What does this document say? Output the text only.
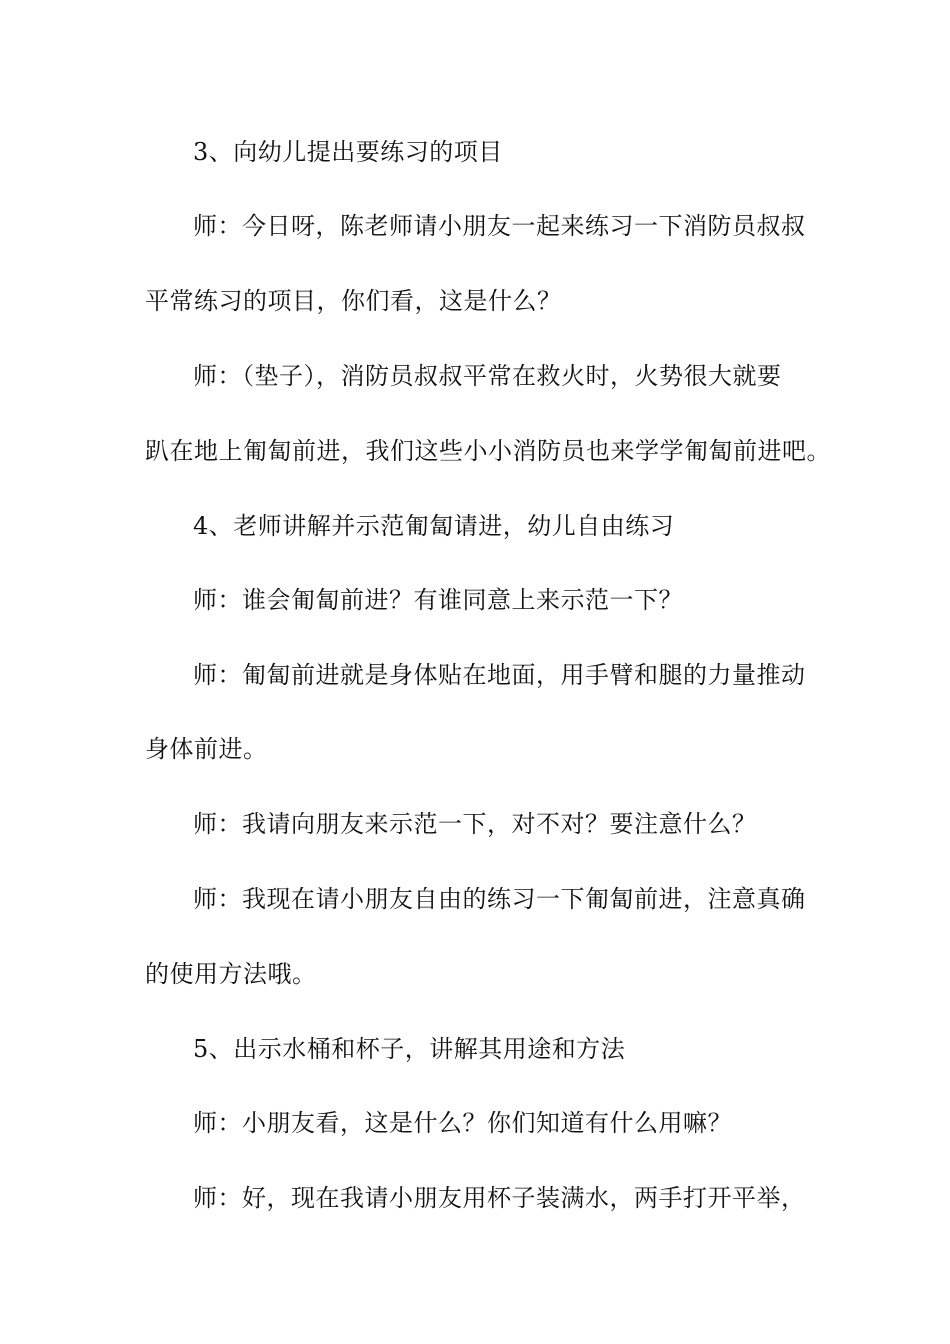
3、向幼儿提出要练习的项目
师：今日呀，陈老师请小朋友一起来练习一下消防员叔叔
平常练习的项目，你们看，这是什么？
师：（垫子），消防员叔叔平常在救火时，火势很大就要
趴在地上匍匐前进，我们这些小小消防员也来学学匍匐前进吧。
4、老师讲解并示范匍匐请进，幼儿自由练习
师：谁会匍匐前进？有谁同意上来示范一下？
师：匍匐前进就是身体贴在地面，用手臂和腿的力量推动
身体前进。
师：我请向朋友来示范一下，对不对？要注意什么？
师：我现在请小朋友自由的练习一下匍匐前进，注意真确
的使用方法哦。
5、出示水桶和杯子，讲解其用途和方法
师：小朋友看，这是什么？你们知道有什么用嘛？
师：好，现在我请小朋友用杯子装满水，两手打开平举，
